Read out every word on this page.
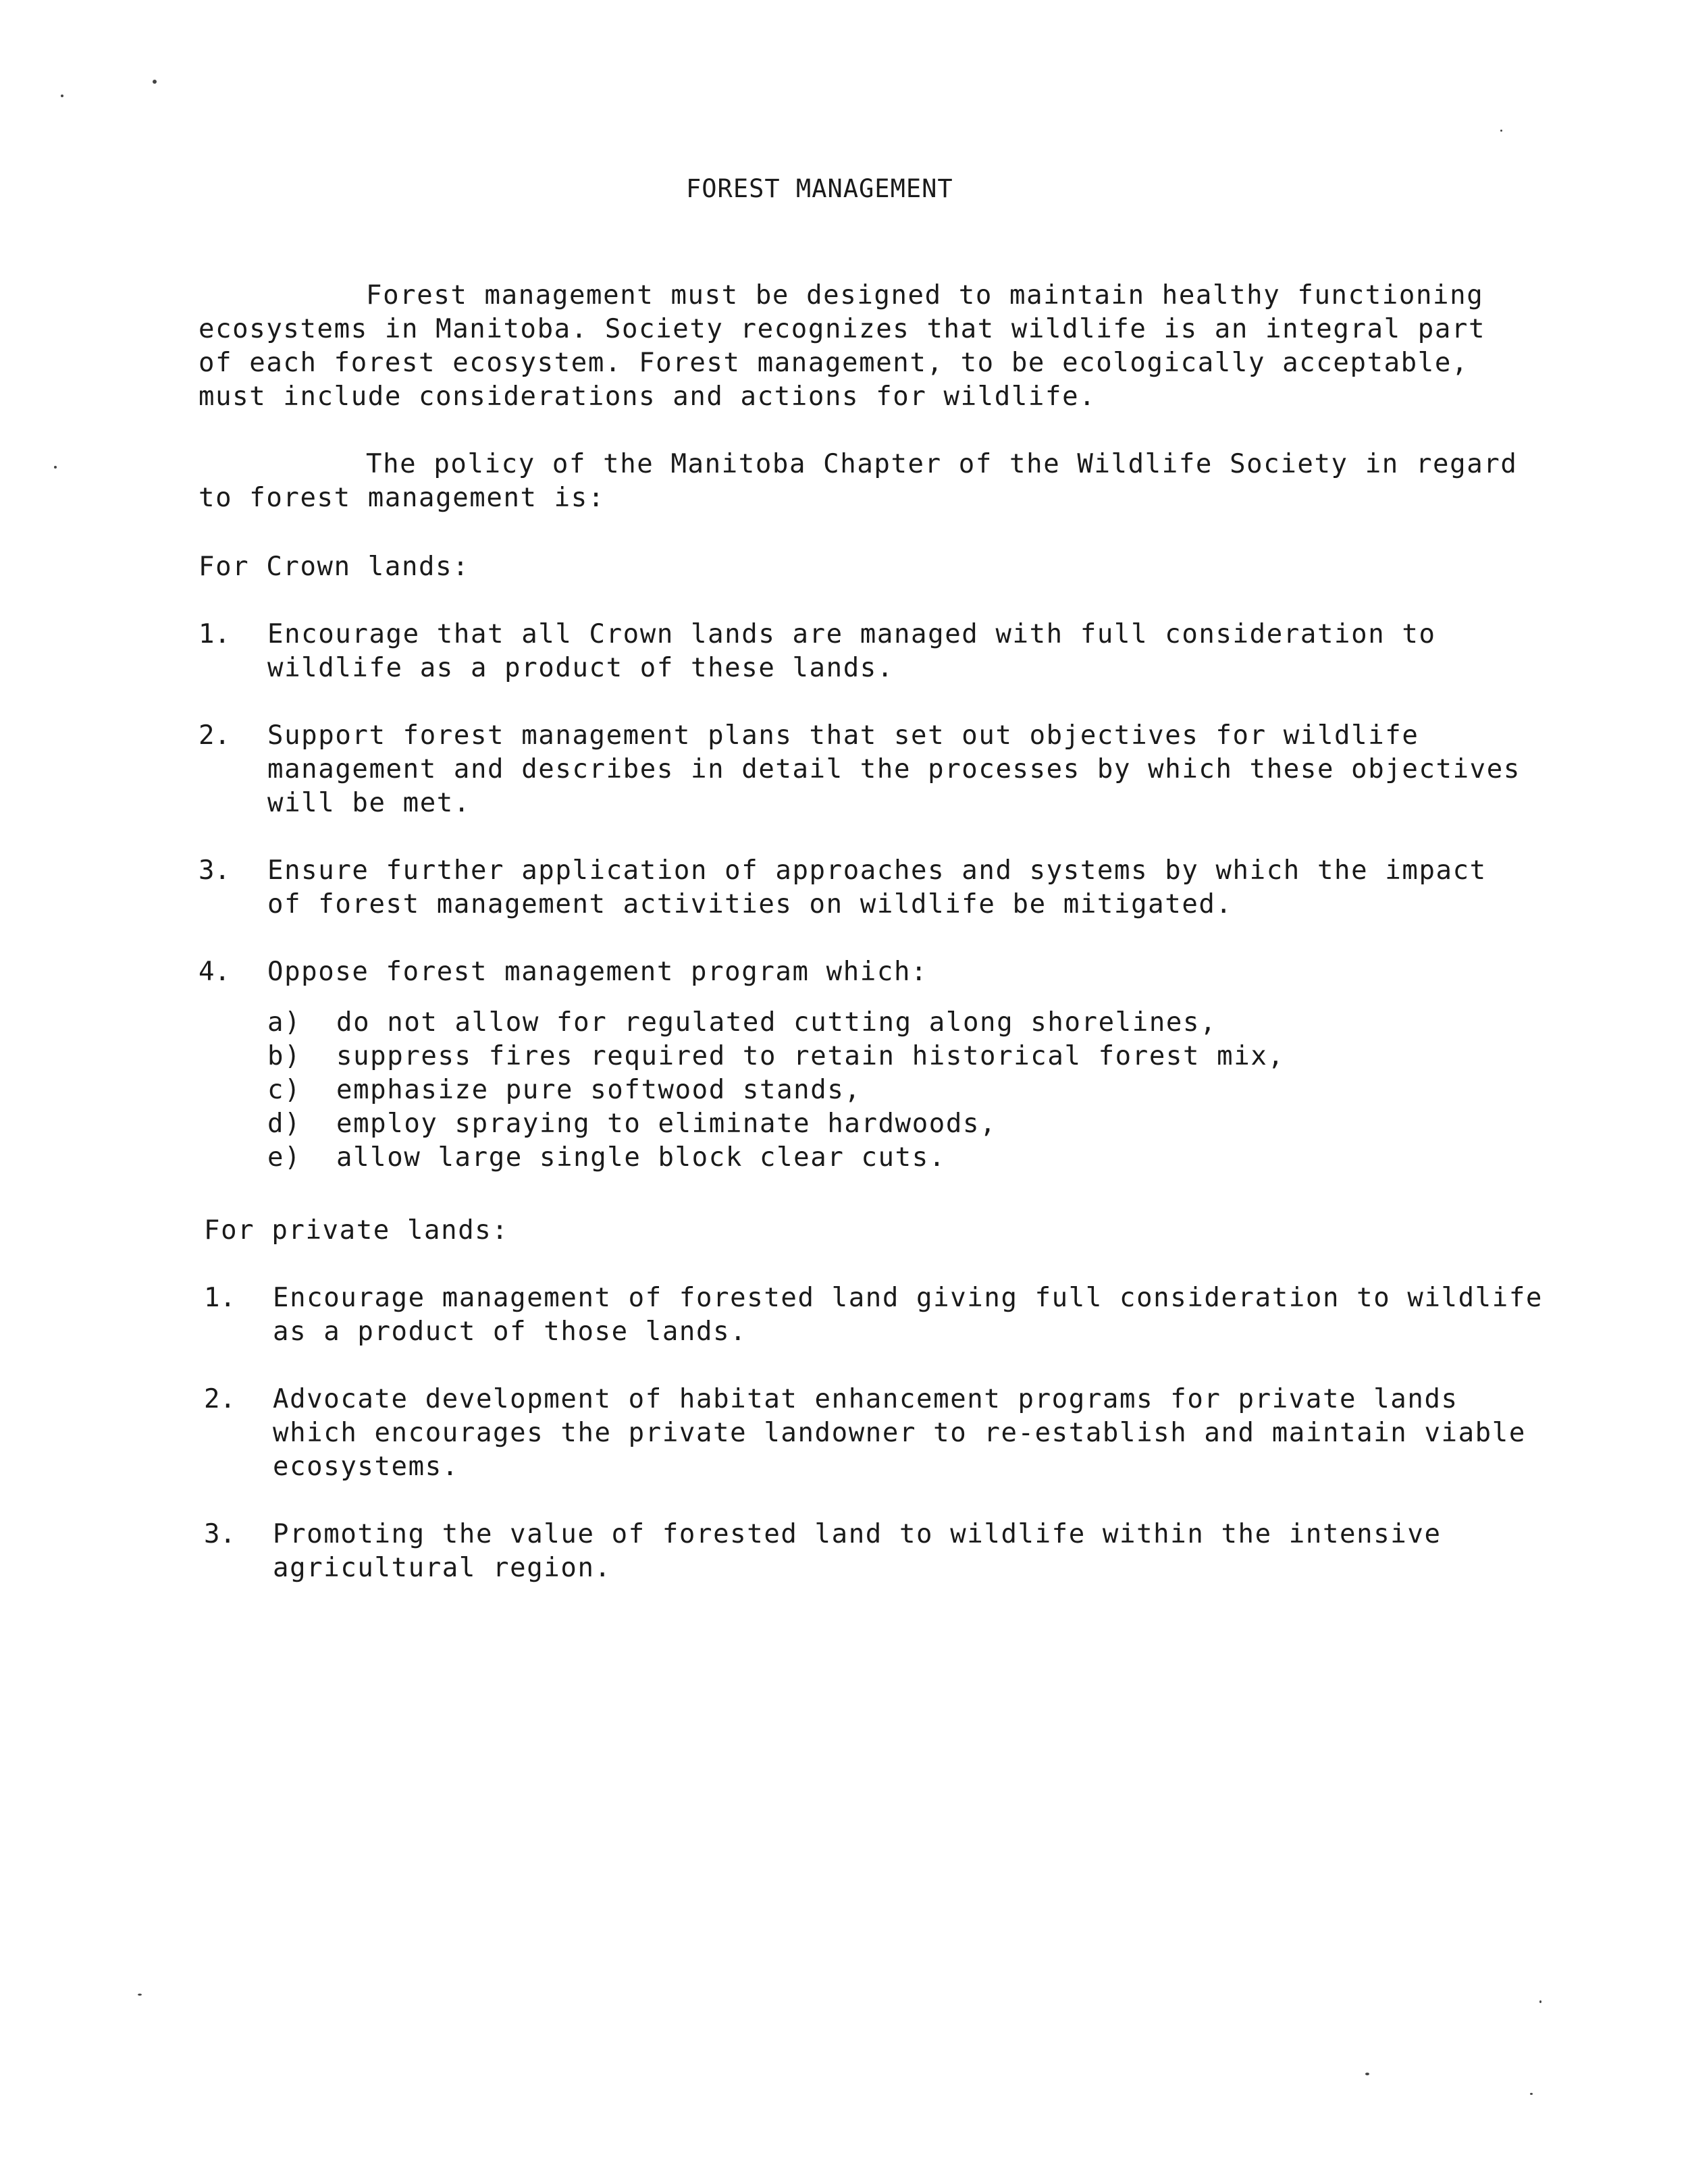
FOREST MANAGEMENT
Forest management must be designed to maintain healthy functioning
ecosystems in Manitoba. Society recognizes that wildlife is an integral part
of each forest ecosystem. Forest management, to be ecologically acceptable,
must include considerations and actions for wildlife.
The policy of the Manitoba Chapter of the Wildlife Society in regard
to forest management is:
For Crown lands:
1. Encourage that all Crown lands are managed with full consideration to
wildlife as a product of these lands.
2. Support forest management plans that set out objectives for wildlife
management and describes in detail the processes by which these objectives
will be met.
3. Ensure further application of approaches and systems by which the impact
of forest management activities on wildlife be mitigated.
4. Oppose forest management program which:
a)
b)
c)
d)
e)
do not allow for regulated cutting along shorelines,
suppress fires required to retain historical forest mix,
emphasize pure softwood stands,
employ spraying to eliminate hardwoods,
allow large single block clear cuts.
For private lands:
1. Encourage management of forested land giving full consideration to wildlife
as a product of those lands.
2. Advocate development of habitat enhancement programs for private lands
which encourages the private landowner to re-establish and maintain viable
ecosystems.
3. Promoting the value of forested land to wildlife within the intensive
agricultural region.
